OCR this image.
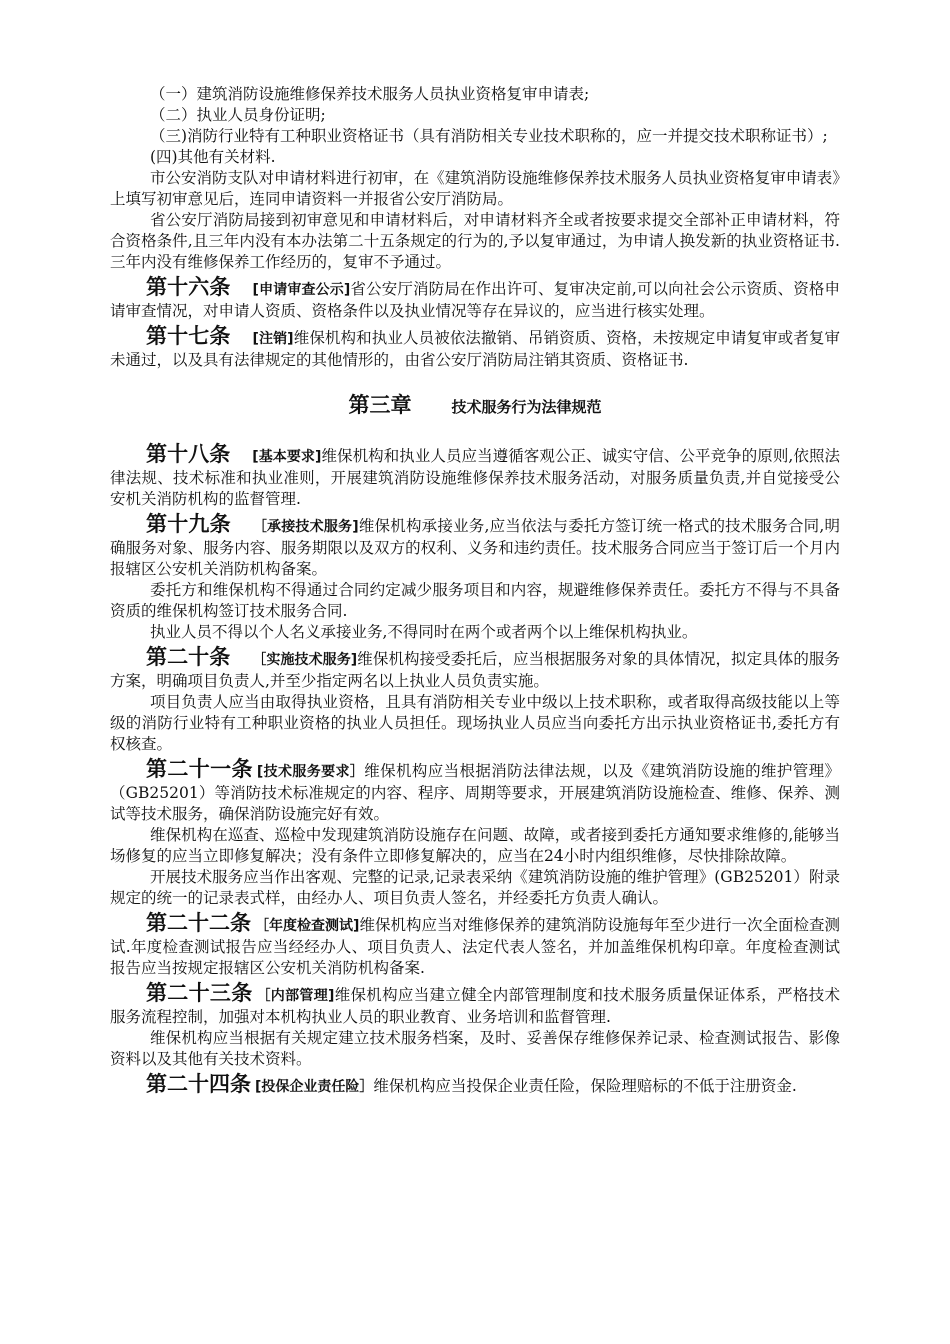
（一）建筑消防设施维修保养技术服务人员执业资格复审申请表;

（二）执业人员身份证明;

（三)消防行业特有工种职业资格证书（具有消防相关专业技术职称的，应一并提交技术职称证书）;

(四)其他有关材料.

市公安消防支队对申请材料进行初审，在《建筑消防设施维修保养技术服务人员执业资格复审申请表》上填写初审意见后，连同申请资料一并报省公安厅消防局。

省公安厅消防局接到初审意见和申请材料后，对申请材料齐全或者按要求提交全部补正申请材料，符合资格条件,且三年内没有本办法第二十五条规定的行为的,予以复审通过，为申请人换发新的执业资格证书.三年内没有维修保养工作经历的，复审不予通过。

第十六条 [申请审查公示]省公安厅消防局在作出许可、复审决定前,可以向社会公示资质、资格申请审查情况，对申请人资质、资格条件以及执业情况等存在异议的，应当进行核实处理。

第十七条 [注销]维保机构和执业人员被依法撤销、吊销资质、资格，未按规定申请复审或者复审未通过，以及具有法律规定的其他情形的，由省公安厅消防局注销其资质、资格证书.

第三章	技术服务行为法律规范

第十八条 [基本要求]维保机构和执业人员应当遵循客观公正、诚实守信、公平竞争的原则,依照法律法规、技术标准和执业准则，开展建筑消防设施维修保养技术服务活动，对服务质量负责,并自觉接受公安机关消防机构的监督管理.

第十九条 ［承接技术服务]维保机构承接业务,应当依法与委托方签订统一格式的技术服务合同,明确服务对象、服务内容、服务期限以及双方的权利、义务和违约责任。技术服务合同应当于签订后一个月内报辖区公安机关消防机构备案。

委托方和维保机构不得通过合同约定减少服务项目和内容，规避维修保养责任。委托方不得与不具备资质的维保机构签订技术服务合同.

执业人员不得以个人名义承接业务,不得同时在两个或者两个以上维保机构执业。

第二十条 ［实施技术服务]维保机构接受委托后，应当根据服务对象的具体情况，拟定具体的服务方案，明确项目负责人,并至少指定两名以上执业人员负责实施。

项目负责人应当由取得执业资格，且具有消防相关专业中级以上技术职称，或者取得高级技能以上等级的消防行业特有工种职业资格的执业人员担任。现场执业人员应当向委托方出示执业资格证书,委托方有权核查。

第二十一条 [技术服务要求］维保机构应当根据消防法律法规，以及《建筑消防设施的维护管理》（GB25201）等消防技术标准规定的内容、程序、周期等要求，开展建筑消防设施检查、维修、保养、测试等技术服务，确保消防设施完好有效。

维保机构在巡查、巡检中发现建筑消防设施存在问题、故障，或者接到委托方通知要求维修的,能够当场修复的应当立即修复解决；没有条件立即修复解决的，应当在24小时内组织维修，尽快排除故障。

开展技术服务应当作出客观、完整的记录,记录表采纳《建筑消防设施的维护管理》(GB25201）附录规定的统一的记录表式样，由经办人、项目负责人签名，并经委托方负责人确认。

第二十二条 ［年度检查测试]维保机构应当对维修保养的建筑消防设施每年至少进行一次全面检查测试.年度检查测试报告应当经经办人、项目负责人、法定代表人签名，并加盖维保机构印章。年度检查测试报告应当按规定报辖区公安机关消防机构备案.

第二十三条 ［内部管理]维保机构应当建立健全内部管理制度和技术服务质量保证体系，严格技术服务流程控制，加强对本机构执业人员的职业教育、业务培训和监督管理.

维保机构应当根据有关规定建立技术服务档案，及时、妥善保存维修保养记录、检查测试报告、影像资料以及其他有关技术资料。

第二十四条 [投保企业责任险］维保机构应当投保企业责任险，保险理赔标的不低于注册资金.
